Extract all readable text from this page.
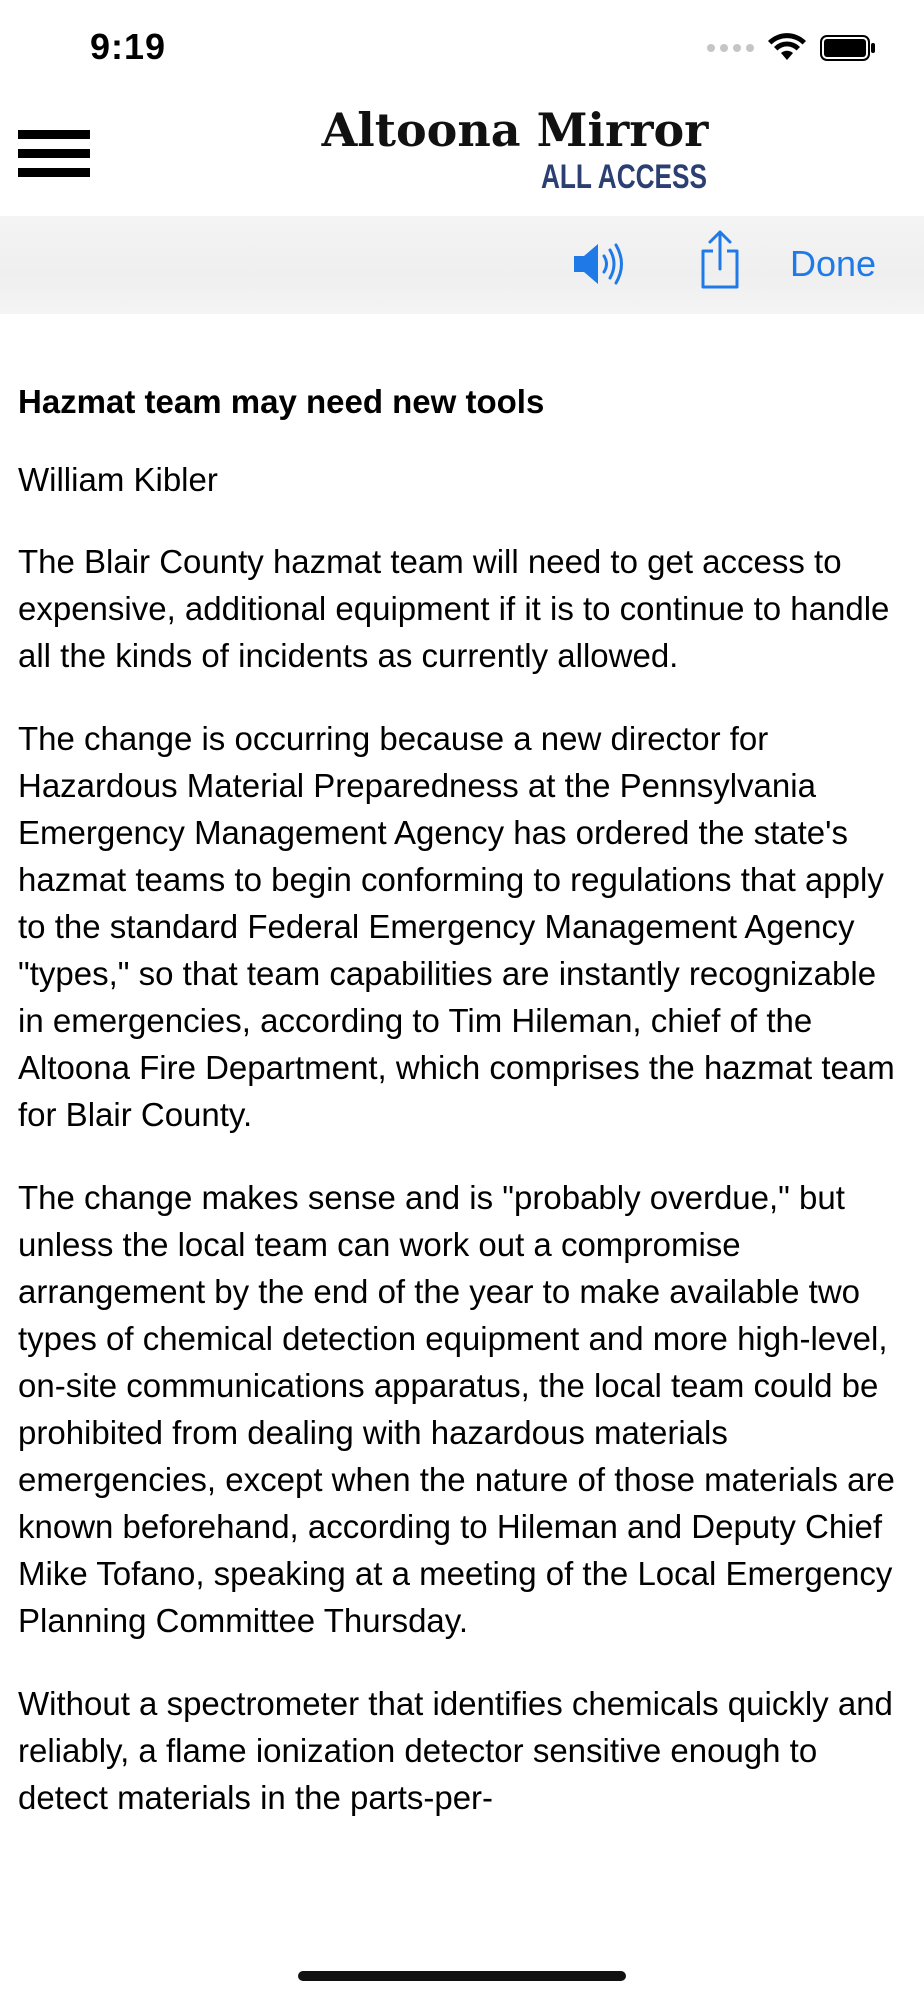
9:19
Altoona Mirror
ALL ACCESS
Done
Hazmat team may need new tools

William Kibler

The Blair County hazmat team will need to get access to expensive, additional equipment if it is to continue to handle all the kinds of incidents as currently allowed.

The change is occurring because a new director for Hazardous Material Preparedness at the Pennsylvania Emergency Management Agency has ordered the state's hazmat teams to begin conforming to regulations that apply to the standard Federal Emergency Management Agency "types," so that team capabilities are instantly recognizable in emergencies, according to Tim Hileman, chief of the Altoona Fire Department, which comprises the hazmat team for Blair County.

The change makes sense and is "probably overdue," but unless the local team can work out a compromise arrangement by the end of the year to make available two types of chemical detection equipment and more high-level, on-site communications apparatus, the local team could be prohibited from dealing with hazardous materials emergencies, except when the nature of those materials are known beforehand, according to Hileman and Deputy Chief Mike Tofano, speaking at a meeting of the Local Emergency Planning Committee Thursday.

Without a spectrometer that identifies chemicals quickly and reliably, a flame ionization detector sensitive enough to detect materials in the parts-per-
